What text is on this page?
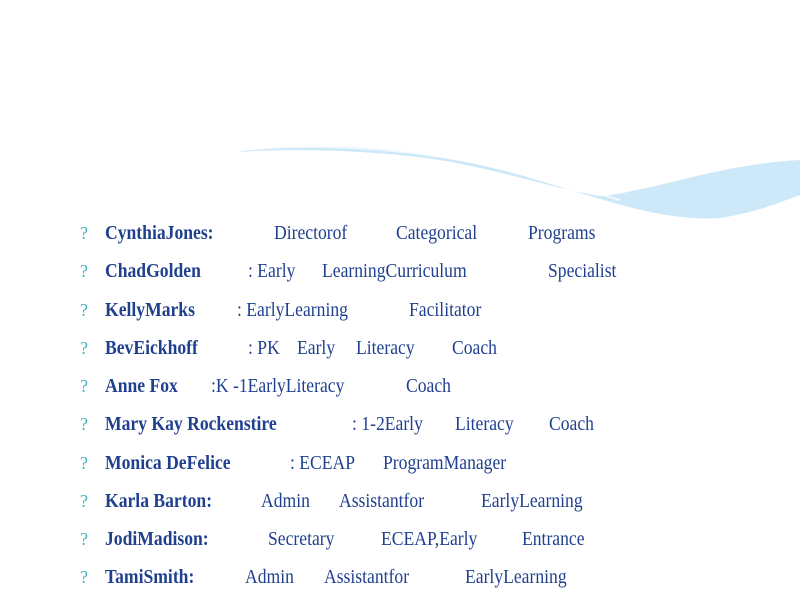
? CynthiaJones:	Directorof Categorical	Programs
? ChadGolden : Early LearningCurriculum	Specialist
? KellyMarks : EarlyLearning	Facilitator
? BevEickhoff	: PK Early Literacy Coach
? Anne Fox :K -1EarlyLiteracy	Coach
? Mary Kay Rockenstire	: 1-2Early Literacy Coach
? Monica DeFelice	: ECEAP ProgramManager
? Karla Barton: Admin Assistantfor	EarlyLearning
? JodiMadison:	Secretary ECEAP,Early Entrance
? TamiSmith:	Admin Assistantfor	EarlyLearning
